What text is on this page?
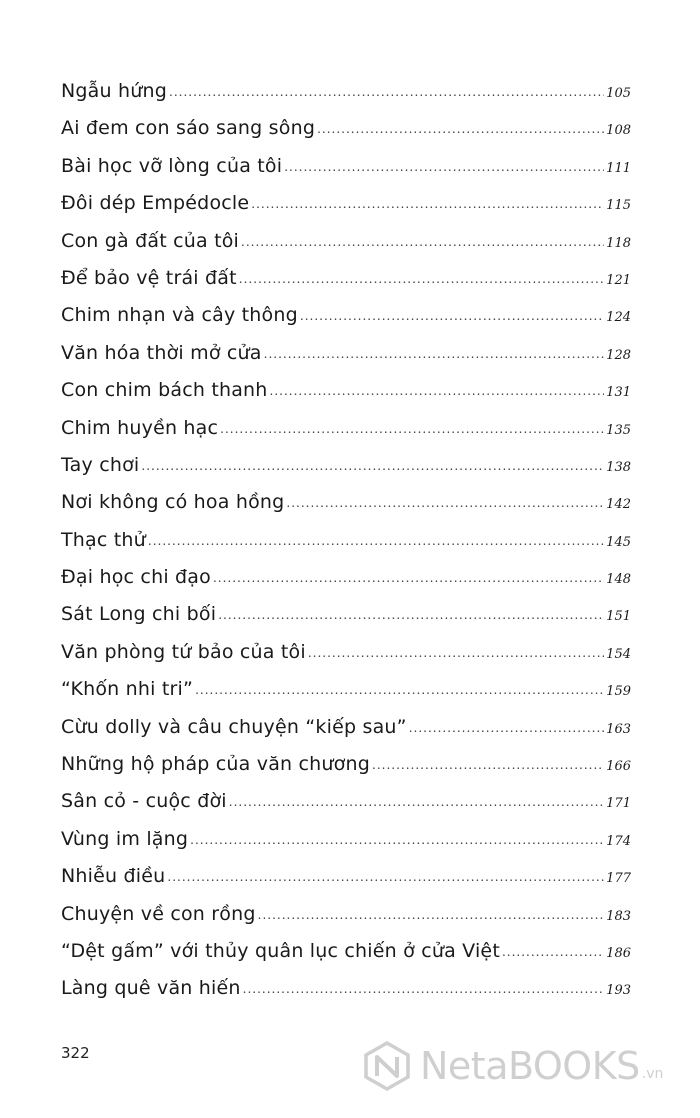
Ngẫu hứng .....	105
Ai đem con sáo sang sông .....	108
Bài học vỡ lòng của tôi .....	111
Đôi dép Empédocle .....	115
Con gà đất của tôi .....	118
Để bảo vệ trái đất .....	121
Chim nhạn và cây thông .....	124
Văn hóa thời mở cửa .....	128
Con chim bách thanh .....	131
Chim huyền hạc .....	135
Tay chơi .....	138
Nơi không có hoa hồng .....	142
Thạc thử .....	145
Đại học chi đạo .....	148
Sát Long chi bối .....	151
Văn phòng tứ bảo của tôi .....	154
“Khốn nhi tri” .....	159
Cừu dolly và câu chuyện “kiếp sau” .....	163
Những hộ pháp của văn chương .....	166
Sân cỏ - cuộc đời .....	171
Vùng im lặng .....	174
Nhiễu điều .....	177
Chuyện về con rồng .....	183
“Dệt gấm” với thủy quân lục chiến ở cửa Việt .....	186
Làng quê văn hiến .....	193
322	NetaBOOKS .vn
